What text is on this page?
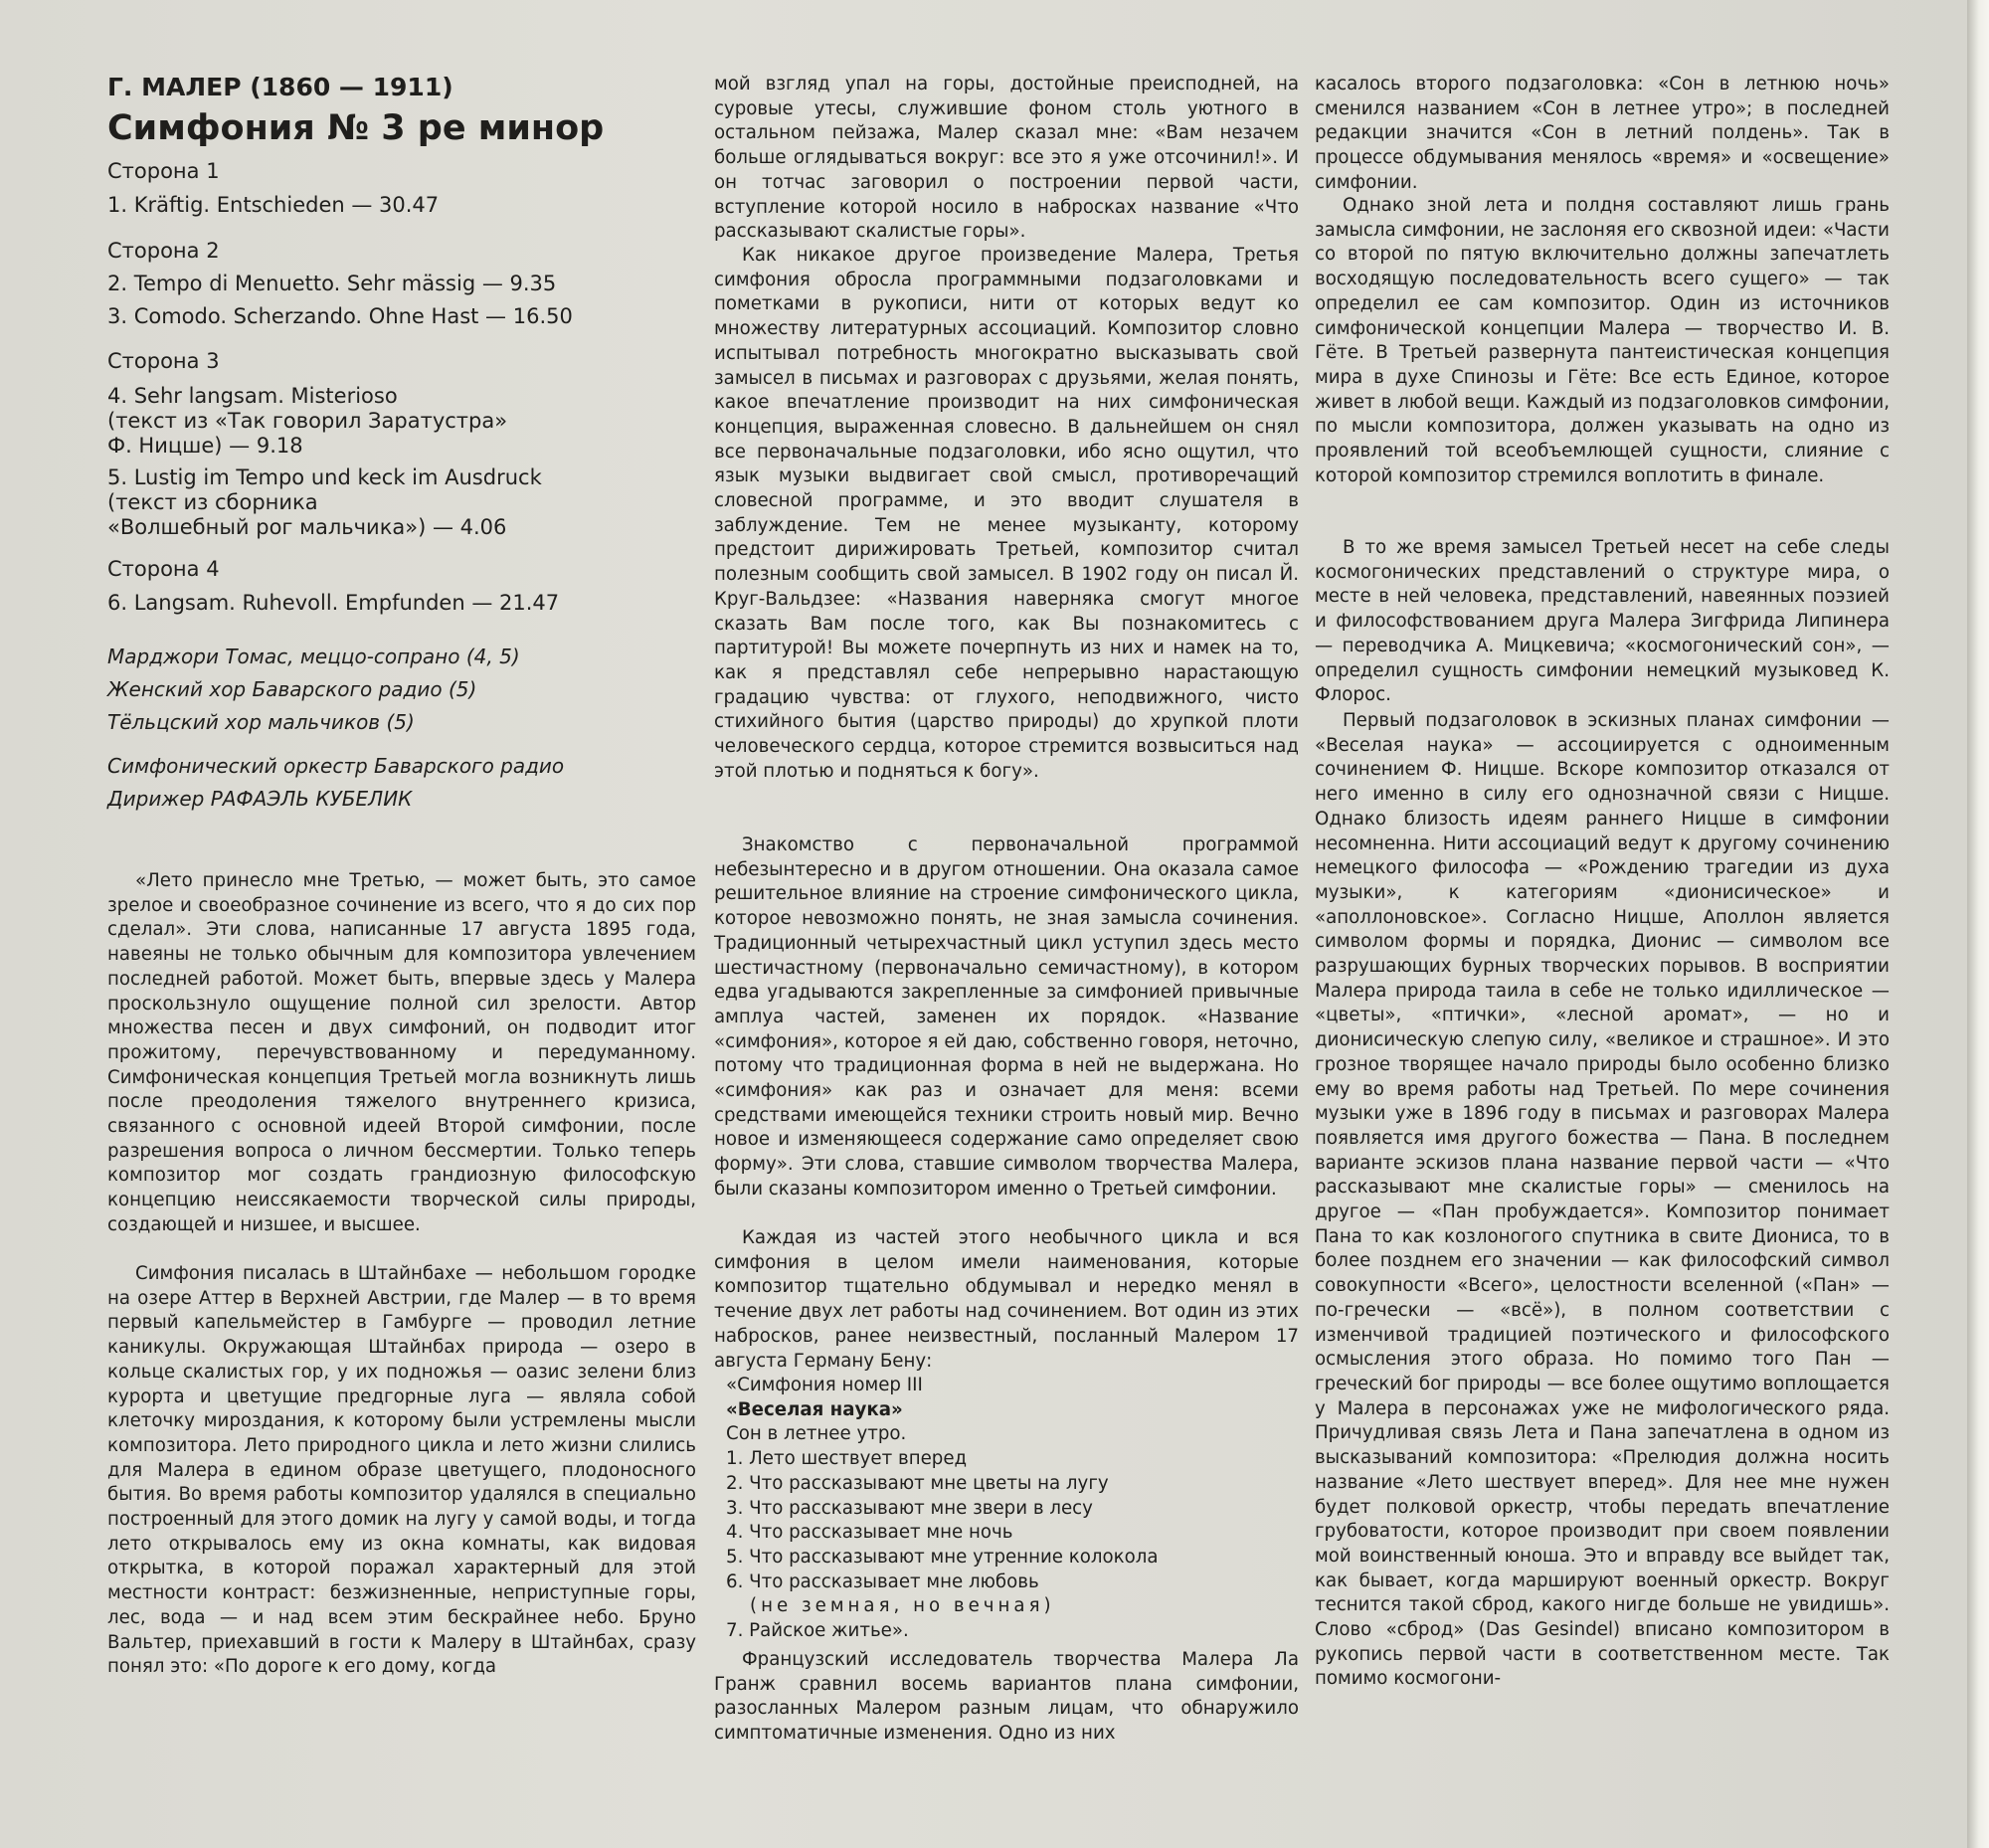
Г. МАЛЕР (1860 — 1911)
Симфония № 3 ре минор
Сторона 1
1. Kräftig. Entschieden — 30.47
Сторона 2
2. Tempo di Menuetto. Sehr mässig — 9.35
3. Comodo. Scherzando. Ohne Hast — 16.50
Сторона 3
4. Sehr langsam. Misterioso
(текст из «Так говорил Заратустра»
Ф. Ницше) — 9.18
5. Lustig im Tempo und keck im Ausdruck
(текст из сборника
«Волшебный рог мальчика») — 4.06
Сторона 4
6. Langsam. Ruhevoll. Empfunden — 21.47
Марджори Томас, меццо-сопрано (4, 5)
Женский хор Баварского радио (5)
Тёльцский хор мальчиков (5)
Симфонический оркестр Баварского радио
Дирижер РАФАЭЛЬ КУБЕЛИК

«Лето принесло мне Третью, — может быть, это самое зрелое и своеобразное сочинение из всего, что я до сих пор сделал». Эти слова, написанные 17 августа 1895 года, навеяны не только обычным для композитора увлечением последней работой. Может быть, впервые здесь у Малера проскользнуло ощущение полной сил зрелости. Автор множества песен и двух симфоний, он подводит итог прожитому, перечувствованному и передуманному. Симфоническая концепция Третьей могла возникнуть лишь после преодоления тяжелого внутреннего кризиса, связанного с основной идеей Второй симфонии, после разрешения вопроса о личном бессмертии. Только теперь композитор мог создать грандиозную философскую концепцию неиссякаемости творческой силы природы, создающей и низшее, и высшее.

Симфония писалась в Штайнбахе — небольшом городке на озере Аттер в Верхней Австрии, где Малер — в то время первый капельмейстер в Гамбурге — проводил летние каникулы. Окружающая Штайнбах природа — озеро в кольце скалистых гор, у их подножья — оазис зелени близ курорта и цветущие предгорные луга — являла собой клеточку мироздания, к которому были устремлены мысли композитора. Лето природного цикла и лето жизни слились для Малера в едином образе цветущего, плодоносного бытия. Во время работы композитор удалялся в специально построенный для этого домик на лугу у самой воды, и тогда лето открывалось ему из окна комнаты, как видовая открытка, в которой поражал характерный для этой местности контраст: безжизненные, неприступные горы, лес, вода — и над всем этим бескрайнее небо. Бруно Вальтер, приехавший в гости к Малеру в Штайнбах, сразу понял это: «По дороге к его дому, когда

мой взгляд упал на горы, достойные преисподней, на суровые утесы, служившие фоном столь уютного в остальном пейзажа, Малер сказал мне: «Вам незачем больше оглядываться вокруг: все это я уже отсочинил!». И он тотчас заговорил о построении первой части, вступление которой носило в набросках название «Что рассказывают скалистые горы».

Как никакое другое произведение Малера, Третья симфония обросла программными подзаголовками и пометками в рукописи, нити от которых ведут ко множеству литературных ассоциаций. Композитор словно испытывал потребность многократно высказывать свой замысел в письмах и разговорах с друзьями, желая понять, какое впечатление производит на них симфоническая концепция, выраженная словесно. В дальнейшем он снял все первоначальные подзаголовки, ибо ясно ощутил, что язык музыки выдвигает свой смысл, противоречащий словесной программе, и это вводит слушателя в заблуждение. Тем не менее музыканту, которому предстоит дирижировать Третьей, композитор считал полезным сообщить свой замысел. В 1902 году он писал Й. Круг-Вальдзее: «Названия наверняка смогут многое сказать Вам после того, как Вы познакомитесь с партитурой! Вы можете почерпнуть из них и намек на то, как я представлял себе непрерывно нарастающую градацию чувства: от глухого, неподвижного, чисто стихийного бытия (царство природы) до хрупкой плоти человеческого сердца, которое стремится возвыситься над этой плотью и подняться к богу».

Знакомство с первоначальной программой небезынтересно и в другом отношении. Она оказала самое решительное влияние на строение симфонического цикла, которое невозможно понять, не зная замысла сочинения. Традиционный четырехчастный цикл уступил здесь место шестичастному (первоначально семичастному), в котором едва угадываются закрепленные за симфонией привычные амплуа частей, заменен их порядок. «Название «симфония», которое я ей даю, собственно говоря, неточно, потому что традиционная форма в ней не выдержана. Но «симфония» как раз и означает для меня: всеми средствами имеющейся техники строить новый мир. Вечно новое и изменяющееся содержание само определяет свою форму». Эти слова, ставшие символом творчества Малера, были сказаны композитором именно о Третьей симфонии.

Каждая из частей этого необычного цикла и вся симфония в целом имели наименования, которые композитор тщательно обдумывал и нередко менял в течение двух лет работы над сочинением. Вот один из этих набросков, ранее неизвестный, посланный Малером 17 августа Герману Бену:

«Симфония номер III
«Веселая наука»
Сон в летнее утро.
1. Лето шествует вперед
2. Что рассказывают мне цветы на лугу
3. Что рассказывают мне звери в лесу
4. Что рассказывает мне ночь
5. Что рассказывают мне утренние колокола
6. Что рассказывает мне любовь
(не земная, но вечная)
7. Райское житье».

Французский исследователь творчества Малера Ла Гранж сравнил восемь вариантов плана симфонии, разосланных Малером разным лицам, что обнаружило симптоматичные изменения. Одно из них

касалось второго подзаголовка: «Сон в летнюю ночь» сменился названием «Сон в летнее утро»; в последней редакции значится «Сон в летний полдень». Так в процессе обдумывания менялось «время» и «освещение» симфонии.

Однако зной лета и полдня составляют лишь грань замысла симфонии, не заслоняя его сквозной идеи: «Части со второй по пятую включительно должны запечатлеть восходящую последовательность всего сущего» — так определил ее сам композитор. Один из источников симфонической концепции Малера — творчество И. В. Гёте. В Третьей развернута пантеистическая концепция мира в духе Спинозы и Гёте: Все есть Единое, которое живет в любой вещи. Каждый из подзаголовков симфонии, по мысли композитора, должен указывать на одно из проявлений той всеобъемлющей сущности, слияние с которой композитор стремился воплотить в финале.

В то же время замысел Третьей несет на себе следы космогонических представлений о структуре мира, о месте в ней человека, представлений, навеянных поэзией и философствованием друга Малера Зигфрида Липинера — переводчика А. Мицкевича; «космогонический сон», — определил сущность симфонии немецкий музыковед К. Флорос.

Первый подзаголовок в эскизных планах симфонии — «Веселая наука» — ассоциируется с одноименным сочинением Ф. Ницше. Вскоре композитор отказался от него именно в силу его однозначной связи с Ницше. Однако близость идеям раннего Ницше в симфонии несомненна. Нити ассоциаций ведут к другому сочинению немецкого философа — «Рождению трагедии из духа музыки», к категориям «дионисическое» и «аполлоновское». Согласно Ницше, Аполлон является символом формы и порядка, Дионис — символом все разрушающих бурных творческих порывов. В восприятии Малера природа таила в себе не только идиллическое — «цветы», «птички», «лесной аромат», — но и дионисическую слепую силу, «великое и страшное». И это грозное творящее начало природы было особенно близко ему во время работы над Третьей. По мере сочинения музыки уже в 1896 году в письмах и разговорах Малера появляется имя другого божества — Пана. В последнем варианте эскизов плана название первой части — «Что рассказывают мне скалистые горы» — сменилось на другое — «Пан пробуждается». Композитор понимает Пана то как козлоногого спутника в свите Диониса, то в более позднем его значении — как философский символ совокупности «Всего», целостности вселенной («Пан» — по-гречески — «всё»), в полном соответствии с изменчивой традицией поэтического и философского осмысления этого образа. Но помимо того Пан — греческий бог природы — все более ощутимо воплощается у Малера в персонажах уже не мифологического ряда. Причудливая связь Лета и Пана запечатлена в одном из высказываний композитора: «Прелюдия должна носить название «Лето шествует вперед». Для нее мне нужен будет полковой оркестр, чтобы передать впечатление грубоватости, которое производит при своем появлении мой воинственный юноша. Это и вправду все выйдет так, как бывает, когда маршируют военный оркестр. Вокруг теснится такой сброд, какого нигде больше не увидишь». Слово «сброд» (Das Gesindel) вписано композитором в рукопись первой части в соответственном месте. Так помимо космогони-
